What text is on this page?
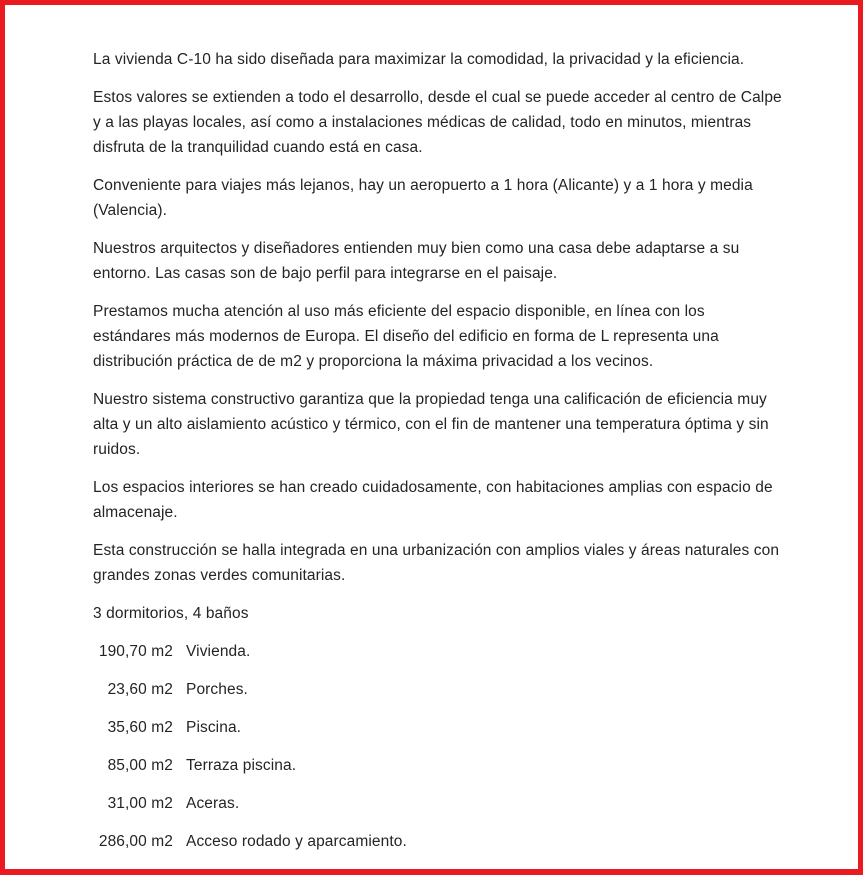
La vivienda C-10 ha sido diseñada para maximizar la comodidad, la privacidad y la eficiencia.

Estos valores se extienden a todo el desarrollo, desde el cual se puede acceder al centro de Calpe y a las playas locales, así como a instalaciones médicas de calidad, todo en minutos, mientras disfruta de la tranquilidad cuando está en casa.

Conveniente para viajes más lejanos, hay un aeropuerto a 1 hora (Alicante) y a 1 hora y media (Valencia).

Nuestros arquitectos y diseñadores entienden muy bien como una casa debe adaptarse a su entorno. Las casas son de bajo perfil para integrarse en el paisaje.

Prestamos mucha atención al uso más eficiente del espacio disponible, en línea con los estándares más modernos de Europa. El diseño del edificio en forma de L representa una distribución práctica de de m2 y proporciona la máxima privacidad a los vecinos.

Nuestro sistema constructivo garantiza que la propiedad tenga una calificación de eficiencia muy alta y un alto aislamiento acústico y térmico, con el fin de mantener una temperatura óptima y sin ruidos.

Los espacios interiores se han creado cuidadosamente, con habitaciones amplias con espacio de almacenaje.

Esta construcción se halla integrada en una urbanización con amplios viales y áreas naturales con grandes zonas verdes comunitarias.

3 dormitorios, 4 baños

190,70 m2 Vivienda.
23,60 m2 Porches.
35,60 m2 Piscina.
85,00 m2 Terraza piscina.
31,00 m2 Aceras.
286,00 m2 Acceso rodado y aparcamiento.
